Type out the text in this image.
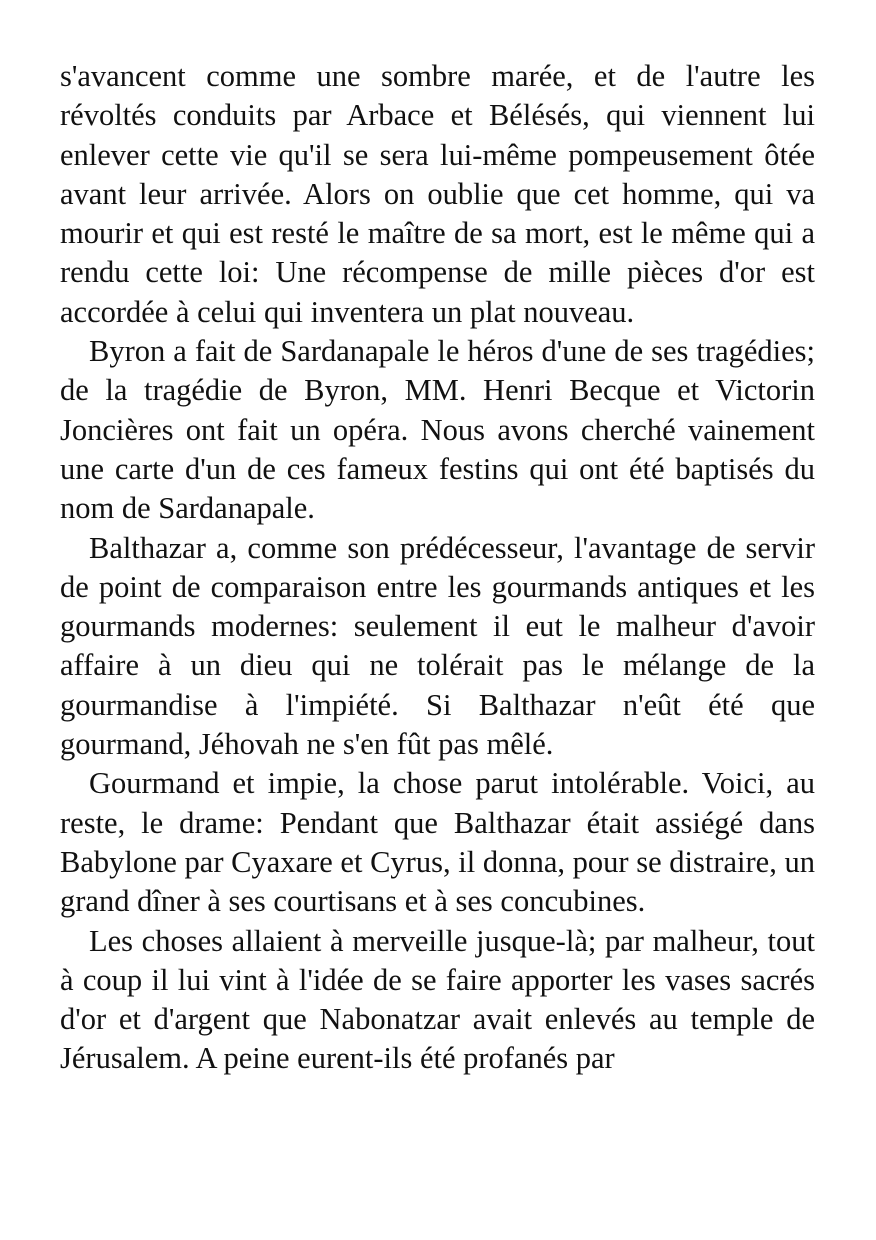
s'avancent comme une sombre marée, et de l'autre les révoltés conduits par Arbace et Bélésés, qui viennent lui enlever cette vie qu'il se sera lui-même pompeusement ôtée avant leur arrivée. Alors on oublie que cet homme, qui va mourir et qui est resté le maître de sa mort, est le même qui a rendu cette loi: Une récompense de mille pièces d'or est accordée à celui qui inventera un plat nouveau.

Byron a fait de Sardanapale le héros d'une de ses tragédies; de la tragédie de Byron, MM. Henri Becque et Victorin Joncières ont fait un opéra. Nous avons cherché vainement une carte d'un de ces fameux festins qui ont été baptisés du nom de Sardanapale.

Balthazar a, comme son prédécesseur, l'avantage de servir de point de comparaison entre les gourmands antiques et les gourmands modernes: seulement il eut le malheur d'avoir affaire à un dieu qui ne tolérait pas le mélange de la gourmandise à l'impiété. Si Balthazar n'eût été que gourmand, Jéhovah ne s'en fût pas mêlé.

Gourmand et impie, la chose parut intolérable. Voici, au reste, le drame: Pendant que Balthazar était assiégé dans Babylone par Cyaxare et Cyrus, il donna, pour se distraire, un grand dîner à ses courtisans et à ses concubines.

Les choses allaient à merveille jusque-là; par malheur, tout à coup il lui vint à l'idée de se faire apporter les vases sacrés d'or et d'argent que Nabonatzar avait enlevés au temple de Jérusalem. A peine eurent-ils été profanés par
